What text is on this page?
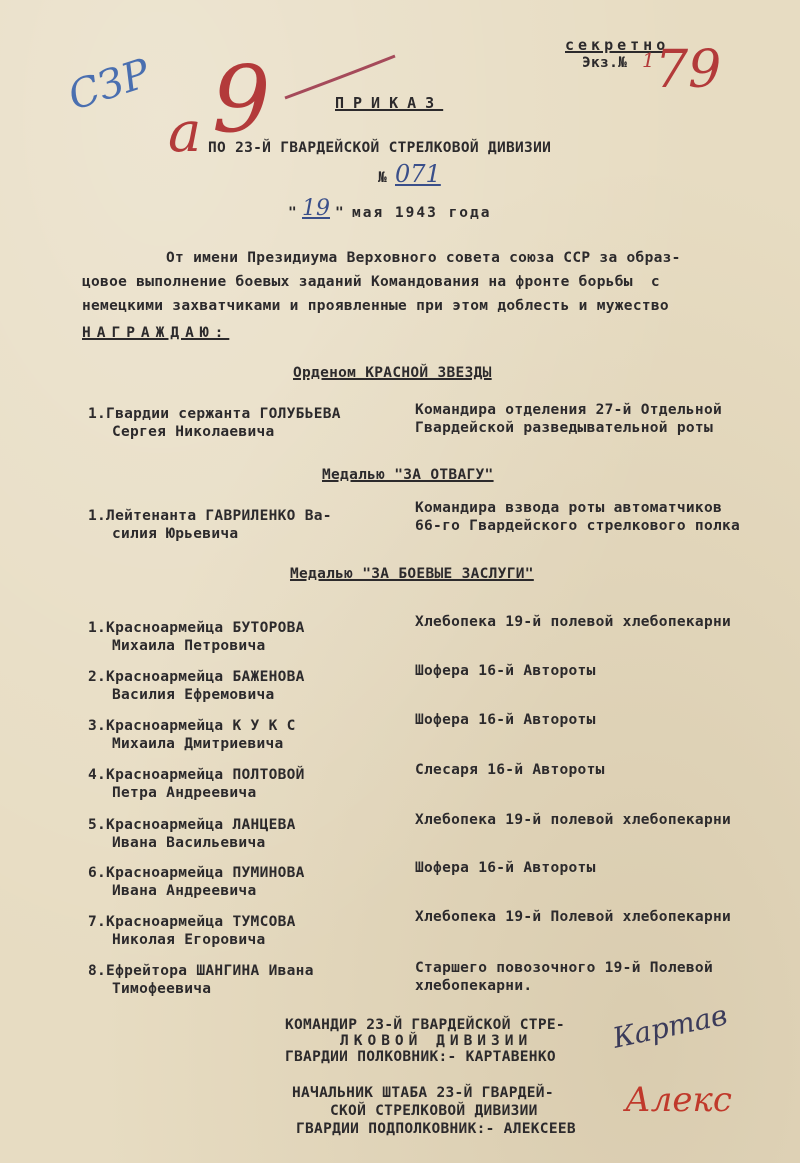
секретно
Экз.№ 1 79
СЗР
а 9	ПРИКАЗ
ПО 23-Й ГВАРДЕЙСКОЙ СТРЕЛКОВОЙ ДИВИЗИИ
№ 071
" 19 " мая 1943 года
От имени Президиума Верховного совета союза ССР за образ-
цовое выполнение боевых заданий Командования на фронте борьбы  с
немецкими захватчиками и проявленные при этом доблесть и мужество
НАГРАЖДАЮ:
Орденом КРАСНОЙ ЗВЕЗДЫ
1.Гвардии сержанта ГОЛУБЬЕВА
Сергея Николаевича
Командира отделения 27-й Отдельной
Гвардейской разведывательной роты
Медалью "ЗА ОТВАГУ"
1.Лейтенанта ГАВРИЛЕНКО Ва-
силия Юрьевича
Командира взвода роты автоматчиков
66-го Гвардейского стрелкового полка
Медалью "ЗА БОЕВЫЕ ЗАСЛУГИ"
1.Красноармейца БУТОРОВА
Михаила Петровича
Хлебопека 19-й полевой хлебопекарни
2.Красноармейца БАЖЕНОВА
Василия Ефремовича
Шофера 16-й Автороты
3.Красноармейца К У К С
Михаила Дмитриевича
Шофера 16-й Автороты
4.Красноармейца ПОЛТОВОЙ
Петра Андреевича
Слесаря 16-й Автороты
5.Красноармейца ЛАНЦЕВА
Ивана Васильевича
Хлебопека 19-й полевой хлебопекарни
6.Красноармейца ПУМИНОВА
Ивана Андреевича
Шофера 16-й Автороты
7.Красноармейца ТУМСОВА
Николая Егоровича
Хлебопека 19-й Полевой хлебопекарни
8.Ефрейтора ШАНГИНА Ивана
Тимофеевича
Старшего повозочного 19-й Полевой
хлебопекарни.
КОМАНДИР 23-Й ГВАРДЕЙСКОЙ СТРЕ-
ЛКОВОЙ ДИВИЗИИ
ГВАРДИИ ПОЛКОВНИК:- КАРТАВЕНКО
Картав
НАЧАЛЬНИК ШТАБА 23-Й ГВАРДЕЙ-
СКОЙ СТРЕЛКОВОЙ ДИВИЗИИ
ГВАРДИИ ПОДПОЛКОВНИК:- АЛЕКСЕЕВ
Алекс
